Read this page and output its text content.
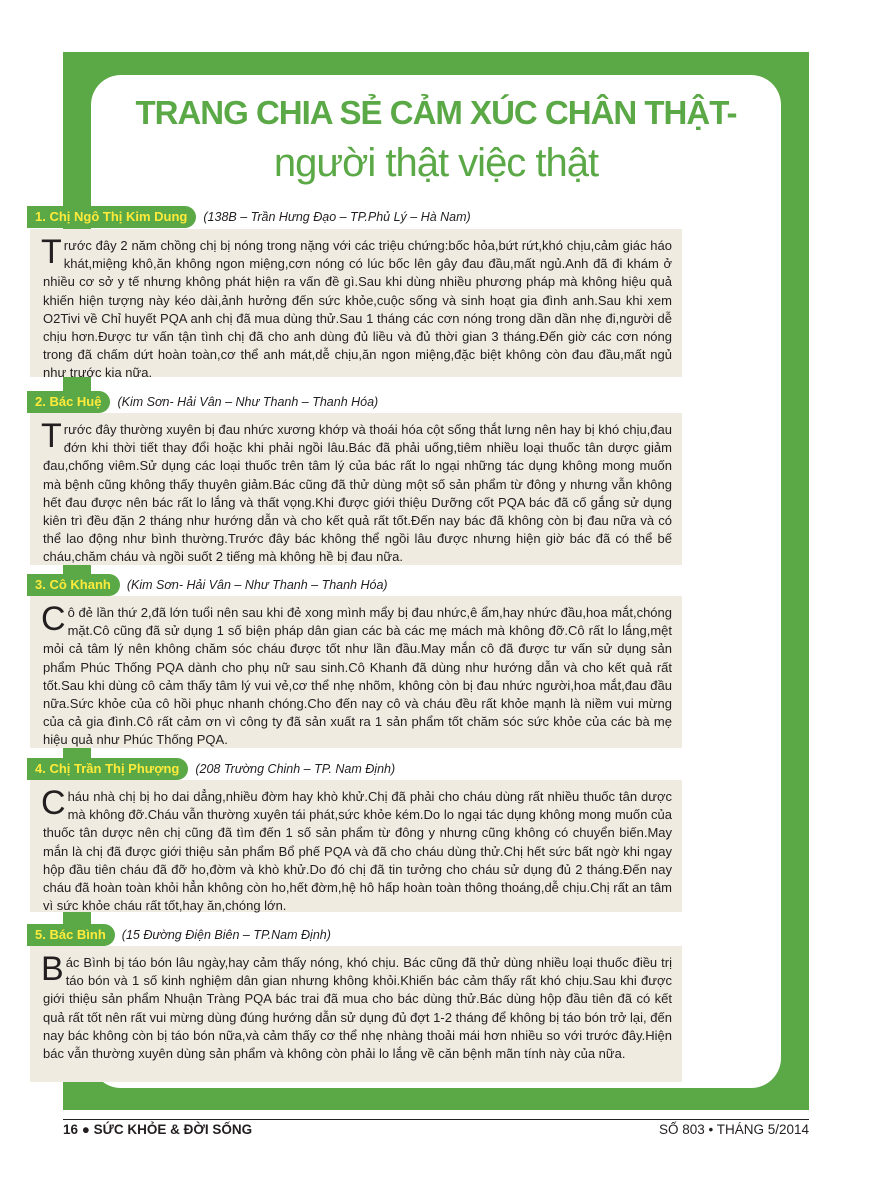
TRANG CHIA SẺ CẢM XÚC CHÂN THẬT-
người thật việc thật
1. Chị Ngô Thị Kim Dung	(138B – Trần Hưng Đạo – TP.Phủ Lý – Hà Nam)
Trước đây 2 năm chồng chị bị nóng trong nặng với các triệu chứng:bốc hỏa,bứt rứt,khó chịu,cảm giác háo khát,miệng khô,ăn không ngon miệng,cơn nóng có lúc bốc lên gây đau đầu,mất ngủ.Anh đã đi khám ở nhiều cơ sở y tế nhưng không phát hiện ra vấn đề gì.Sau khi dùng nhiều phương pháp mà không hiệu quả khiến hiện tượng này kéo dài,ảnh hưởng đến sức khỏe,cuộc sống và sinh hoạt gia đình anh.Sau khi xem O2Tivi về Chỉ huyết PQA anh chị đã mua dùng thử.Sau 1 tháng các cơn nóng trong dần dần nhẹ đi,người dễ chịu hơn.Được tư vấn tận tình chị đã cho anh dùng đủ liều và đủ thời gian 3 tháng.Đến giờ các cơn nóng trong đã chấm dứt hoàn toàn,cơ thể anh mát,dễ chịu,ăn ngon miệng,đặc biệt không còn đau đầu,mất ngủ như trước kia nữa.
2. Bác Huệ	(Kim Sơn- Hải Vân – Như Thanh – Thanh Hóa)
Trước đây thường xuyên bị đau nhức xương khớp và thoái hóa cột sống thắt lưng nên hay bị khó chịu,đau đớn khi thời tiết thay đổi hoặc khi phải ngồi lâu.Bác đã phải uống,tiêm nhiều loại thuốc tân dược giảm đau,chống viêm.Sử dụng các loại thuốc trên tâm lý của bác rất lo ngại những tác dụng không mong muốn mà bệnh cũng không thấy thuyên giảm.Bác cũng đã thử dùng một số sản phẩm từ đông y nhưng vẫn không hết đau được nên bác rất lo lắng và thất vọng.Khi được giới thiệu Dưỡng cốt PQA bác đã cố gắng sử dụng kiên trì đều đặn 2 tháng như hướng dẫn và cho kết quả rất tốt.Đến nay bác đã không còn bị đau nữa và có thể lao động như bình thường.Trước đây bác không thể ngồi lâu được nhưng hiện giờ bác đã có thể bế cháu,chăm cháu và ngồi suốt 2 tiếng mà không hề bị đau nữa.
3. Cô Khanh	(Kim Sơn- Hải Vân – Như Thanh – Thanh Hóa)
Cô đẻ lần thứ 2,đã lớn tuổi nên sau khi đẻ xong mình mẩy bị đau nhức,ê ẩm,hay nhức đầu,hoa mắt,chóng mặt.Cô cũng đã sử dụng 1 số biện pháp dân gian các bà các mẹ mách mà không đỡ.Cô rất lo lắng,mệt mỏi cả tâm lý nên không chăm sóc cháu được tốt như lần đầu.May mắn cô đã được tư vấn sử dụng sản phẩm Phúc Thống PQA dành cho phụ nữ sau sinh.Cô Khanh đã dùng như hướng dẫn và cho kết quả rất tốt.Sau khi dùng cô cảm thấy tâm lý vui vẻ,cơ thể nhẹ nhõm, không còn bị đau nhức người,hoa mắt,đau đầu nữa.Sức khỏe của cô hồi phục nhanh chóng.Cho đến nay cô và cháu đều rất khỏe mạnh là niềm vui mừng của cả gia đình.Cô rất cảm ơn vì công ty đã sản xuất ra 1 sản phẩm tốt chăm sóc sức khỏe của các bà mẹ hiệu quả như Phúc Thống PQA.
4. Chị Trần Thị Phượng	(208 Trường Chinh – TP. Nam Định)
Cháu nhà chị bị ho dai dẳng,nhiều đờm hay khò khử.Chị đã phải cho cháu dùng rất nhiều thuốc tân dược mà không đỡ.Cháu vẫn thường xuyên tái phát,sức khỏe kém.Do lo ngại tác dụng không mong muốn của thuốc tân dược nên chị cũng đã tìm đến 1 số sản phẩm từ đông y nhưng cũng không có chuyển biến.May mắn là chị đã được giới thiệu sản phẩm Bổ phế PQA và đã cho cháu dùng thử.Chị hết sức bất ngờ khi ngay hộp đầu tiên cháu đã đỡ ho,đờm và khò khử.Do đó chị đã tin tưởng cho cháu sử dụng đủ 2 tháng.Đến nay cháu đã hoàn toàn khỏi hẳn không còn ho,hết đờm,hệ hô hấp hoàn toàn thông thoáng,dễ chịu.Chị rất an tâm vì sức khỏe cháu rất tốt,hay ăn,chóng lớn.
5. Bác Bình	(15 Đường Điện Biên – TP.Nam Định)
Bác Bình bị táo bón lâu ngày,hay cảm thấy nóng, khó chịu. Bác cũng đã thử dùng nhiều loại thuốc điều trị táo bón và 1 số kinh nghiệm dân gian nhưng không khỏi.Khiến bác cảm thấy rất khó chịu.Sau khi được giới thiệu sản phẩm Nhuận Tràng PQA bác trai đã mua cho bác dùng thử.Bác dùng hộp đầu tiên đã có kết quả rất tốt nên rất vui mừng dùng đúng hướng dẫn sử dụng đủ đợt 1-2 tháng để không bị táo bón trở lại, đến nay bác không còn bị táo bón nữa,và cảm thấy cơ thể nhẹ nhàng thoải mái hơn nhiều so với trước đây.Hiện bác vẫn thường xuyên dùng sản phẩm và không còn phải lo lắng về căn bệnh mãn tính này của nữa.
16 ● SỨC KHỎE & ĐỜI SỐNG	SỐ 803 • THÁNG 5/2014
